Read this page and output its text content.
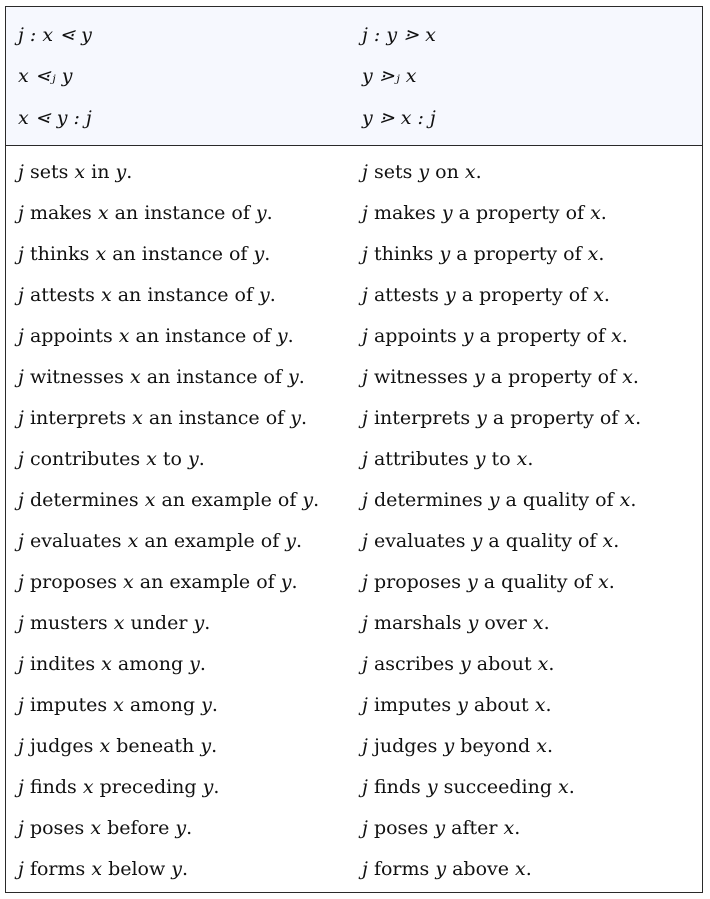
j : x ⋖ y	j : y ⋗ x
x ⋖ⱼ y	y ⋗ⱼ x
x ⋖ y : j	y ⋗ x : j
j sets x in y.	j sets y on x.
j makes x an instance of y.	j makes y a property of x.
j thinks x an instance of y.	j thinks y a property of x.
j attests x an instance of y.	j attests y a property of x.
j appoints x an instance of y.	j appoints y a property of x.
j witnesses x an instance of y.	j witnesses y a property of x.
j interprets x an instance of y.	j interprets y a property of x.
j contributes x to y.	j attributes y to x.
j determines x an example of y. j determines y a quality of x.
j evaluates x an example of y.	j evaluates y a quality of x.
j proposes x an example of y.	j proposes y a quality of x.
j musters x under y.	j marshals y over x.
j indites x among y.	j ascribes y about x.
j imputes x among y.	j imputes y about x.
j judges x beneath y.	j judges y beyond x.
j finds x preceding y.	j finds y succeeding x.
j poses x before y.	j poses y after x.
j forms x below y.	j forms y above x.
